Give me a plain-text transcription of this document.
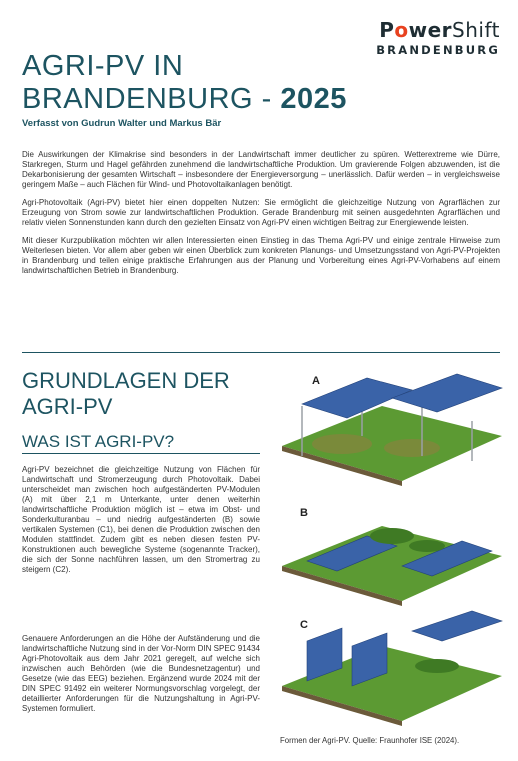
PowerShift
BRANDENBURG
AGRI-PV IN
BRANDENBURG - 2025
Verfasst von Gudrun Walter und Markus Bär

Die Auswirkungen der Klimakrise sind besonders in der Landwirtschaft immer deutlicher zu spüren. Wetterextreme wie Dürre, Starkregen, Sturm und Hagel gefährden zunehmend die landwirtschaftliche Produktion. Um gravierende Folgen abzuwenden, ist die Dekarbonisierung der gesamten Wirtschaft – insbesondere der Energieversorgung – unerlässlich. Dafür werden – in vergleichsweise geringem Maße – auch Flächen für Wind- und Photovoltaikanlagen benötigt.

Agri-Photovoltaik (Agri-PV) bietet hier einen doppelten Nutzen: Sie ermöglicht die gleichzeitige Nutzung von Agrarflächen zur Erzeugung von Strom sowie zur landwirtschaftlichen Produktion. Gerade Brandenburg mit seinen ausgedehnten Agrarflächen und relativ vielen Sonnenstunden kann durch den gezielten Einsatz von Agri-PV einen wichtigen Beitrag zur Energiewende leisten.

Mit dieser Kurzpublikation möchten wir allen Interessierten einen Einstieg in das Thema Agri-PV und einige zentrale Hinweise zum Weiterlesen bieten. Vor allem aber geben wir einen Überblick zum konkreten Planungs- und Umsetzungsstand von Agri-PV-Projekten in Brandenburg und teilen einige praktische Erfahrungen aus der Planung und Vorbereitung eines Agri-PV-Vorhabens auf einem landwirtschaftlichen Betrieb in Brandenburg.

GRUNDLAGEN DER
AGRI-PV
WAS IST AGRI-PV?
Agri-PV bezeichnet die gleichzeitige Nutzung von Flächen für Landwirtschaft und Stromerzeugung durch Photovoltaik. Dabei unterscheidet man zwischen hoch aufgeständerten PV-Modulen (A) mit über 2,1 m Unterkante, unter denen weiterhin landwirtschaftliche Produktion möglich ist – etwa im Obst- und Sonderkulturanbau – und niedrig aufgeständerten (B) sowie vertikalen Systemen (C1), bei denen die Produktion zwischen den Modulen stattfindet. Zudem gibt es neben diesen festen PV-Konstruktionen auch bewegliche Systeme (sogenannte Tracker), die sich der Sonne nachführen lassen, um den Stromertrag zu steigern (C2).
Genauere Anforderungen an die Höhe der Aufständerung und die landwirtschaftliche Nutzung sind in der Vor-Norm DIN SPEC 91434 Agri-Photovoltaik aus dem Jahr 2021 geregelt, auf welche sich inzwischen auch Behörden (wie die Bundesnetzagentur) und Gesetze (wie das EEG) beziehen. Ergänzend wurde 2024 mit der DIN SPEC 91492 ein weiterer Normungsvorschlag vorgelegt, der detaillierter Anforderungen für die Nutzungshaltung in Agri-PV-Systemen formuliert.
A
B
C
Formen der Agri-PV. Quelle: Fraunhofer ISE (2024).
